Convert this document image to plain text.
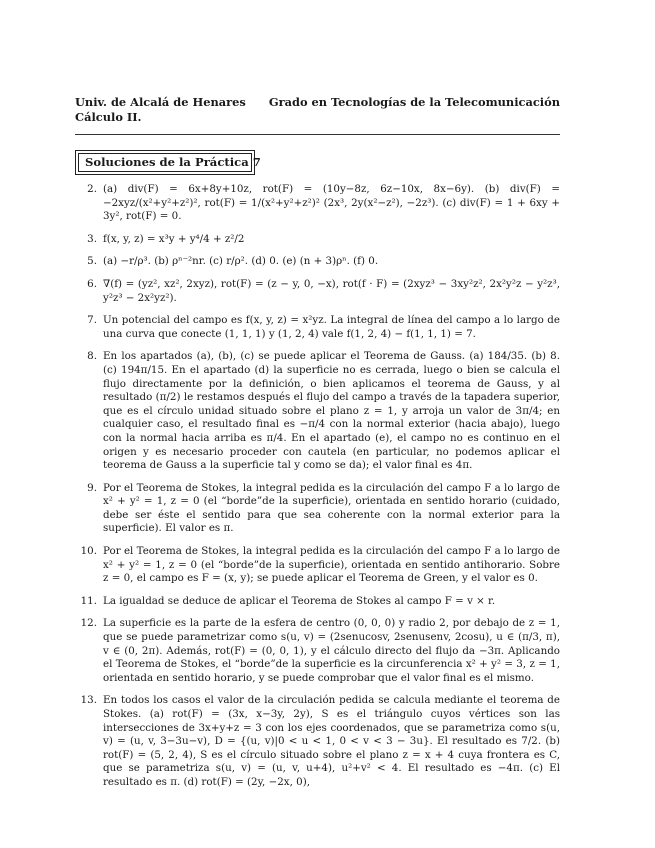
Univ. de Alcalá de Henares
Cálculo II.
Grado en Tecnologías de la Telecomunicación
Soluciones de la Práctica 7
2. (a) div(F) = 6x+8y+10z, rot(F) = (10y−8z, 6z−10x, 8x−6y). (b) div(F) = −2xyz/(x²+y²+z²)², rot(F) = 1/(x²+y²+z²)² (2x³, 2y(x²−z²), −2z³). (c) div(F) = 1 + 6xy + 3y², rot(F) = 0.
3. f(x, y, z) = x³y + y⁴/4 + z²/2
5. (a) −r/ρ³. (b) ρⁿ⁻²nr. (c) r/ρ². (d) 0. (e) (n + 3)ρⁿ. (f) 0.
6. ∇(f) = (yz², xz², 2xyz), rot(F) = (z − y, 0, −x), rot(f · F) = (2xyz³ − 3xy²z², 2x²y²z − y²z³, y²z³ − 2x²yz²).
7. Un potencial del campo es f(x, y, z) = x²yz. La integral de línea del campo a lo largo de una curva que conecte (1, 1, 1) y (1, 2, 4) vale f(1, 2, 4) − f(1, 1, 1) = 7.
8. En los apartados (a), (b), (c) se puede aplicar el Teorema de Gauss. (a) 184/35. (b) 8. (c) 194π/15. En el apartado (d) la superficie no es cerrada, luego o bien se calcula el flujo directamente por la definición, o bien aplicamos el teorema de Gauss, y al resultado (π/2) le restamos después el flujo del campo a través de la tapadera superior, que es el círculo unidad situado sobre el plano z = 1, y arroja un valor de 3π/4; en cualquier caso, el resultado final es −π/4 con la normal exterior (hacia abajo), luego con la normal hacia arriba es π/4. En el apartado (e), el campo no es continuo en el origen y es necesario proceder con cautela (en particular, no podemos aplicar el teorema de Gauss a la superficie tal y como se da); el valor final es 4π.
9. Por el Teorema de Stokes, la integral pedida es la circulación del campo F a lo largo de x² + y² = 1, z = 0 (el “borde”de la superficie), orientada en sentido horario (cuidado, debe ser éste el sentido para que sea coherente con la normal exterior para la superficie). El valor es π.
10. Por el Teorema de Stokes, la integral pedida es la circulación del campo F a lo largo de x² + y² = 1, z = 0 (el “borde”de la superficie), orientada en sentido antihorario. Sobre z = 0, el campo es F = (x, y); se puede aplicar el Teorema de Green, y el valor es 0.
11. La igualdad se deduce de aplicar el Teorema de Stokes al campo F = v × r.
12. La superficie es la parte de la esfera de centro (0, 0, 0) y radio 2, por debajo de z = 1, que se puede parametrizar como s(u, v) = (2senucosv, 2senusenv, 2cosu), u ∈ (π/3, π), v ∈ (0, 2π). Además, rot(F) = (0, 0, 1), y el cálculo directo del flujo da −3π. Aplicando el Teorema de Stokes, el “borde”de la superficie es la circunferencia x² + y² = 3, z = 1, orientada en sentido horario, y se puede comprobar que el valor final es el mismo.
13. En todos los casos el valor de la circulación pedida se calcula mediante el teorema de Stokes. (a) rot(F) = (3x, x−3y, 2y), S es el triángulo cuyos vértices son las intersecciones de 3x+y+z = 3 con los ejes coordenados, que se parametriza como s(u, v) = (u, v, 3−3u−v), D = {(u, v)|0 < u < 1, 0 < v < 3 − 3u}. El resultado es 7/2. (b) rot(F) = (5, 2, 4), S es el círculo situado sobre el plano z = x + 4 cuya frontera es C, que se parametriza s(u, v) = (u, v, u+4), u²+v² < 4. El resultado es −4π. (c) El resultado es π. (d) rot(F) = (2y, −2x, 0),
